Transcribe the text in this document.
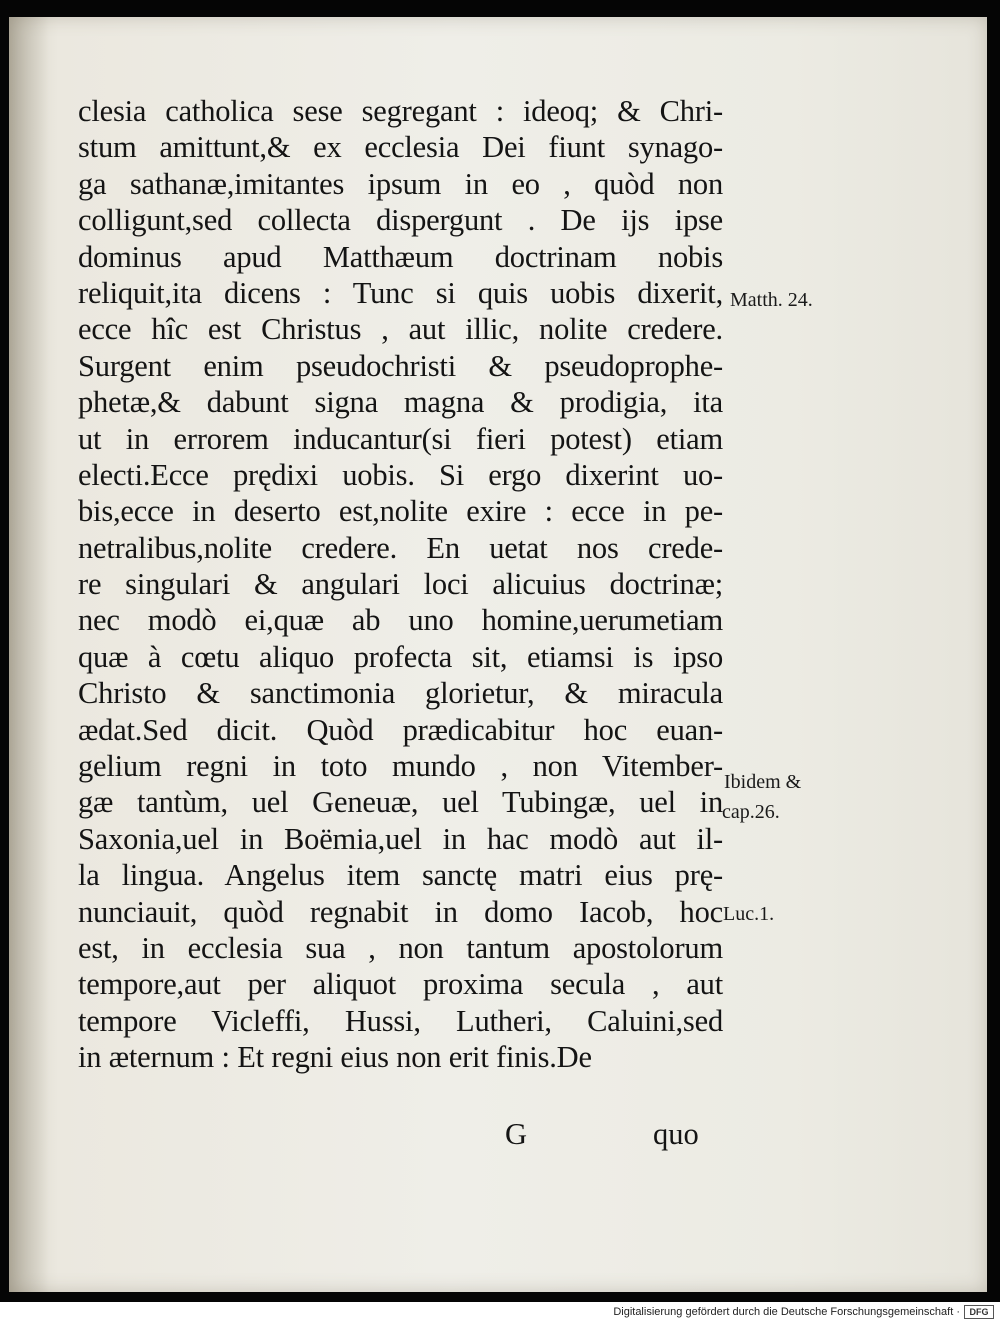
clesia catholica sese segregant : ideoq; & Chri-
stum amittunt,& ex ecclesia Dei fiunt synago-
ga sathanæ,imitantes ipsum in eo , quòd non
colligunt,sed collecta dispergunt . De ijs ipse
dominus apud Matthæum doctrinam nobis
reliquit,ita dicens : Tunc si quis uobis dixerit,
ecce hîc est Christus , aut illic, nolite credere.
Surgent enim pseudochristi & pseudoprophe-
phetæ,& dabunt signa magna & prodigia, ita
ut in errorem inducantur(si fieri potest) etiam
electi.Ecce prędixi uobis. Si ergo dixerint uo-
bis,ecce in deserto est,nolite exire : ecce in pe-
netralibus,nolite credere. En uetat nos crede-
re singulari & angulari loci alicuius doctrinæ;
nec modò ei,quæ ab uno homine,uerumetiam
quæ à cœtu aliquo profecta sit, etiamsi is ipso
Christo & sanctimonia glorietur, & miracula
ædat.Sed dicit. Quòd prædicabitur hoc euan-
gelium regni in toto mundo , non Vitember-
gæ tantùm, uel Geneuæ, uel Tubingæ, uel in
Saxonia,uel in Boëmia,uel in hac modò aut il-
la lingua. Angelus item sanctę matri eius prę-
nunciauit, quòd regnabit in domo Iacob, hoc
est, in ecclesia sua , non tantum apostolorum
tempore,aut per aliquot proxima secula , aut
tempore Vicleffi, Hussi, Lutheri, Caluini,sed
in æternum : Et regni eius non erit finis.De
G	quo
Matth. 24.
Ibidem &
cap.26.
Luc.1.
Digitalisierung gefördert durch die Deutsche Forschungsgemeinschaft ·	DFG
